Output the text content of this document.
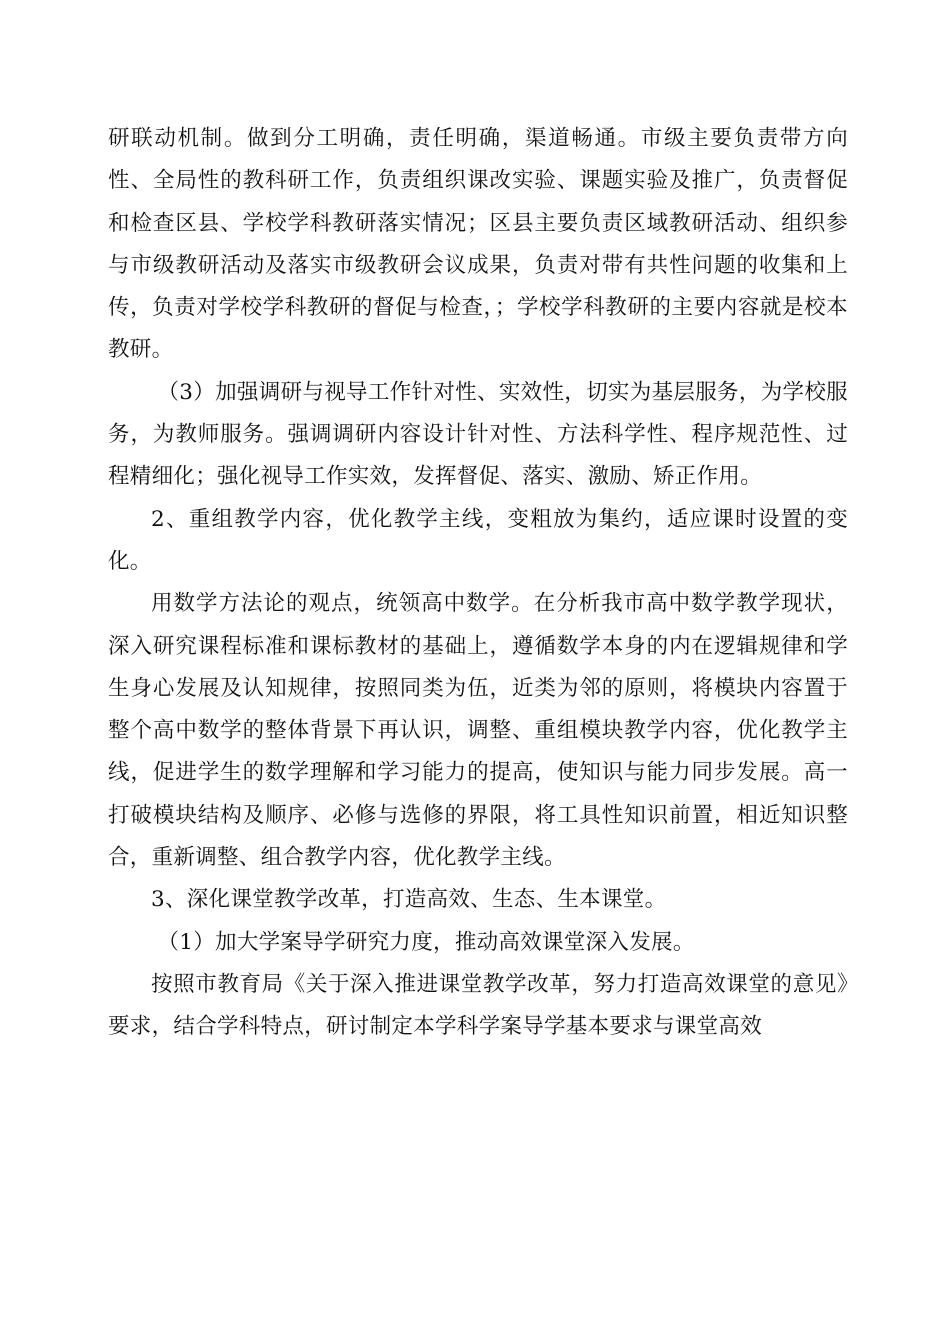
研联动机制。做到分工明确，责任明确，渠道畅通。市级主要负责带方向性、全局性的教科研工作，负责组织课改实验、课题实验及推广，负责督促和检查区县、学校学科教研落实情况；区县主要负责区域教研活动、组织参与市级教研活动及落实市级教研会议成果，负责对带有共性问题的收集和上传，负责对学校学科教研的督促与检查，；学校学科教研的主要内容就是校本教研。

（3）加强调研与视导工作针对性、实效性，切实为基层服务，为学校服务，为教师服务。强调调研内容设计针对性、方法科学性、程序规范性、过程精细化；强化视导工作实效，发挥督促、落实、激励、矫正作用。

2、重组教学内容，优化教学主线，变粗放为集约，适应课时设置的变化。

用数学方法论的观点，统领高中数学。在分析我市高中数学教学现状，深入研究课程标准和课标教材的基础上，遵循数学本身的内在逻辑规律和学生身心发展及认知规律，按照同类为伍，近类为邻的原则，将模块内容置于整个高中数学的整体背景下再认识，调整、重组模块教学内容，优化教学主线，促进学生的数学理解和学习能力的提高，使知识与能力同步发展。高一打破模块结构及顺序、必修与选修的界限，将工具性知识前置，相近知识整合，重新调整、组合教学内容，优化教学主线。

3、深化课堂教学改革，打造高效、生态、生本课堂。

（1）加大学案导学研究力度，推动高效课堂深入发展。

按照市教育局《关于深入推进课堂教学改革，努力打造高效课堂的意见》要求，结合学科特点，研讨制定本学科学案导学基本要求与课堂高效
